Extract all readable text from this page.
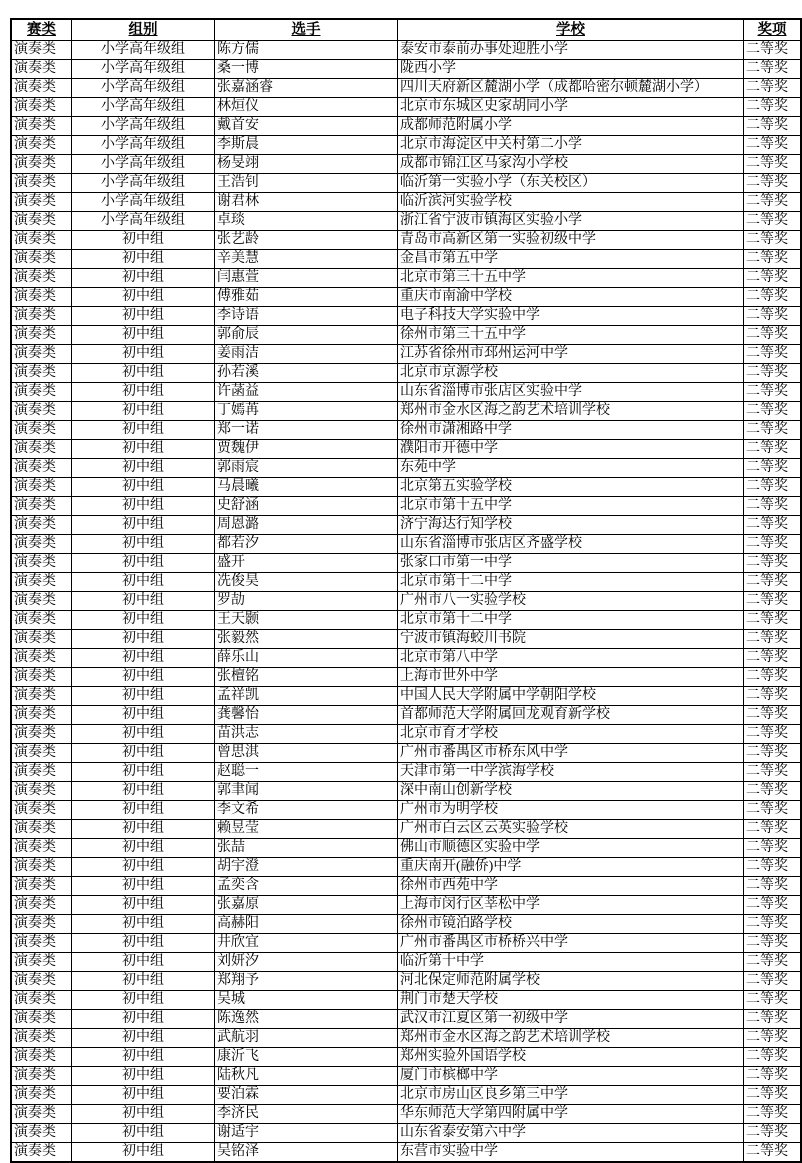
赛类	组别	选手	学校	奖项
演奏类	小学高年级组	陈方儒	泰安市泰前办事处迎胜小学	二等奖
演奏类	小学高年级组	桑一博	陇西小学	二等奖
演奏类	小学高年级组	张嘉涵睿	四川天府新区麓湖小学（成都哈密尔顿麓湖小学）	二等奖
演奏类	小学高年级组	林烜仪	北京市东城区史家胡同小学	二等奖
演奏类	小学高年级组	戴首安	成都师范附属小学	二等奖
演奏类	小学高年级组	李斯晨	北京市海淀区中关村第二小学	二等奖
演奏类	小学高年级组	杨旻翊	成都市锦江区马家沟小学校	二等奖
演奏类	小学高年级组	王浩钊	临沂第一实验小学（东关校区）	二等奖
演奏类	小学高年级组	谢君林	临沂滨河实验学校	二等奖
演奏类	小学高年级组	卓琰	浙江省宁波市镇海区实验小学	二等奖
演奏类	初中组	张艺龄	青岛市高新区第一实验初级中学	二等奖
演奏类	初中组	辛美慧	金昌市第五中学	二等奖
演奏类	初中组	闫惠萱	北京市第三十五中学	二等奖
演奏类	初中组	傅雅茹	重庆市南渝中学校	二等奖
演奏类	初中组	李诗语	电子科技大学实验中学	二等奖
演奏类	初中组	郭俞辰	徐州市第三十五中学	二等奖
演奏类	初中组	姜雨洁	江苏省徐州市邳州运河中学	二等奖
演奏类	初中组	孙若溪	北京市京源学校	二等奖
演奏类	初中组	许菡益	山东省淄博市张店区实验中学	二等奖
演奏类	初中组	丁嫣苒	郑州市金水区海之韵艺术培训学校	二等奖
演奏类	初中组	郑一诺	徐州市潇湘路中学	二等奖
演奏类	初中组	贾魏伊	濮阳市开德中学	二等奖
演奏类	初中组	郭雨宸	东苑中学	二等奖
演奏类	初中组	马晨曦	北京第五实验学校	二等奖
演奏类	初中组	史舒涵	北京市第十五中学	二等奖
演奏类	初中组	周恩潞	济宁海达行知学校	二等奖
演奏类	初中组	都若汐	山东省淄博市张店区齐盛学校	二等奖
演奏类	初中组	盛开	张家口市第一中学	二等奖
演奏类	初中组	冼俊昊	北京市第十二中学	二等奖
演奏类	初中组	罗劼	广州市八一实验学校	二等奖
演奏类	初中组	王天颢	北京市第十二中学	二等奖
演奏类	初中组	张毅然	宁波市镇海蛟川书院	二等奖
演奏类	初中组	薛乐山	北京市第八中学	二等奖
演奏类	初中组	张檀铭	上海市世外中学	二等奖
演奏类	初中组	孟祥凯	中国人民大学附属中学朝阳学校	二等奖
演奏类	初中组	龚馨怡	首都师范大学附属回龙观育新学校	二等奖
演奏类	初中组	苗洪志	北京市育才学校	二等奖
演奏类	初中组	曾思淇	广州市番禺区市桥东风中学	二等奖
演奏类	初中组	赵聪一	天津市第一中学滨海学校	二等奖
演奏类	初中组	郭聿闻	深中南山创新学校	二等奖
演奏类	初中组	李文希	广州市为明学校	二等奖
演奏类	初中组	赖昱莹	广州市白云区云英实验学校	二等奖
演奏类	初中组	张喆	佛山市顺德区实验中学	二等奖
演奏类	初中组	胡宇澄	重庆南开(融侨)中学	二等奖
演奏类	初中组	孟奕含	徐州市西苑中学	二等奖
演奏类	初中组	张嘉原	上海市闵行区莘松中学	二等奖
演奏类	初中组	高赫阳	徐州市镜泊路学校	二等奖
演奏类	初中组	井欣宜	广州市番禺区市桥桥兴中学	二等奖
演奏类	初中组	刘妍汐	临沂第十中学	二等奖
演奏类	初中组	郑翔予	河北保定师范附属学校	二等奖
演奏类	初中组	吴城	荆门市楚天学校	二等奖
演奏类	初中组	陈逸然	武汉市江夏区第一初级中学	二等奖
演奏类	初中组	武航羽	郑州市金水区海之韵艺术培训学校	二等奖
演奏类	初中组	康沂飞	郑州实验外国语学校	二等奖
演奏类	初中组	陆秋凡	厦门市槟榔中学	二等奖
演奏类	初中组	要泊霖	北京市房山区良乡第三中学	二等奖
演奏类	初中组	李济民	华东师范大学第四附属中学	二等奖
演奏类	初中组	谢适宇	山东省泰安第六中学	二等奖
演奏类	初中组	吴铭泽	东营市实验中学	二等奖
